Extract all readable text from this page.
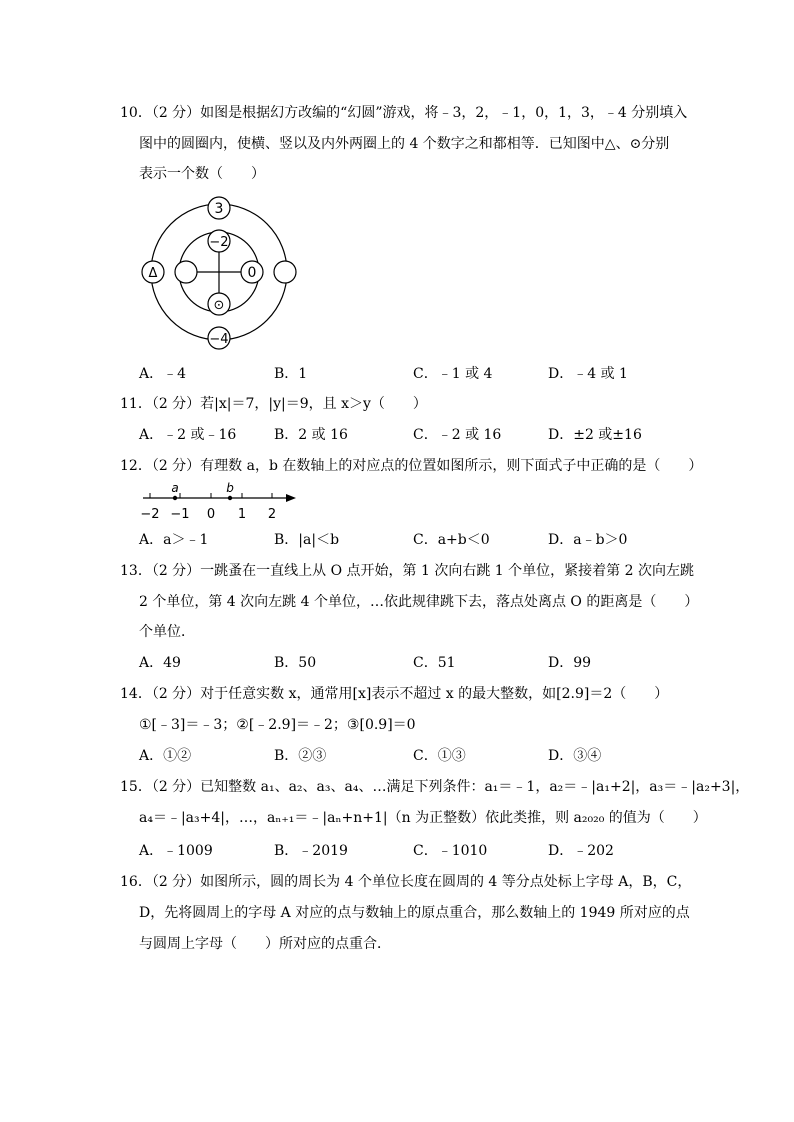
10．（2 分）如图是根据幻方改编的“幻圆”游戏，将﹣3，2，﹣1，0，1，3，﹣4 分别填入
图中的圆圈内，使横、竖以及内外两圈上的 4 个数字之和都相等．已知图中△、⊙分别
表示一个数（　　）
3
−2
Δ	0
⊙
−4
A．﹣4	B．1	C．﹣1 或 4	D．﹣4 或 1
11．（2 分）若|x|＝7，|y|＝9，且 x＞y（　　）
A．﹣2 或﹣16	B．2 或 16	C．﹣2 或 16	D．±2 或±16
12．（2 分）有理数 a，b 在数轴上的对应点的位置如图所示，则下面式子中正确的是（　　）
a	b
−2 −1 0 1 2
A．a＞﹣1	B．|a|＜b	C．a+b＜0	D．a﹣b＞0
13．（2 分）一跳蚤在一直线上从 O 点开始，第 1 次向右跳 1 个单位，紧接着第 2 次向左跳
2 个单位，第 4 次向左跳 4 个单位，…依此规律跳下去，落点处离点 O 的距离是（　　）
个单位．
A．49	B．50	C．51	D．99
14．（2 分）对于任意实数 x，通常用[x]表示不超过 x 的最大整数，如[2.9]＝2（　　）
①[﹣3]＝﹣3；②[﹣2.9]＝﹣2；③[0.9]＝0
A．①②	B．②③	C．①③	D．③④
15．（2 分）已知整数 a₁、a₂、a₃、a₄、…满足下列条件：a₁＝﹣1，a₂＝﹣|a₁+2|，a₃＝﹣|a₂+3|，
a₄＝﹣|a₃+4|，…，aₙ₊₁＝﹣|aₙ+n+1|（n 为正整数）依此类推，则 a₂₀₂₀ 的值为（　　）
A．﹣1009	B．﹣2019	C．﹣1010	D．﹣202
16．（2 分）如图所示，圆的周长为 4 个单位长度在圆周的 4 等分点处标上字母 A，B，C，
D，先将圆周上的字母 A 对应的点与数轴上的原点重合，那么数轴上的 1949 所对应的点
与圆周上字母（　　）所对应的点重合．
